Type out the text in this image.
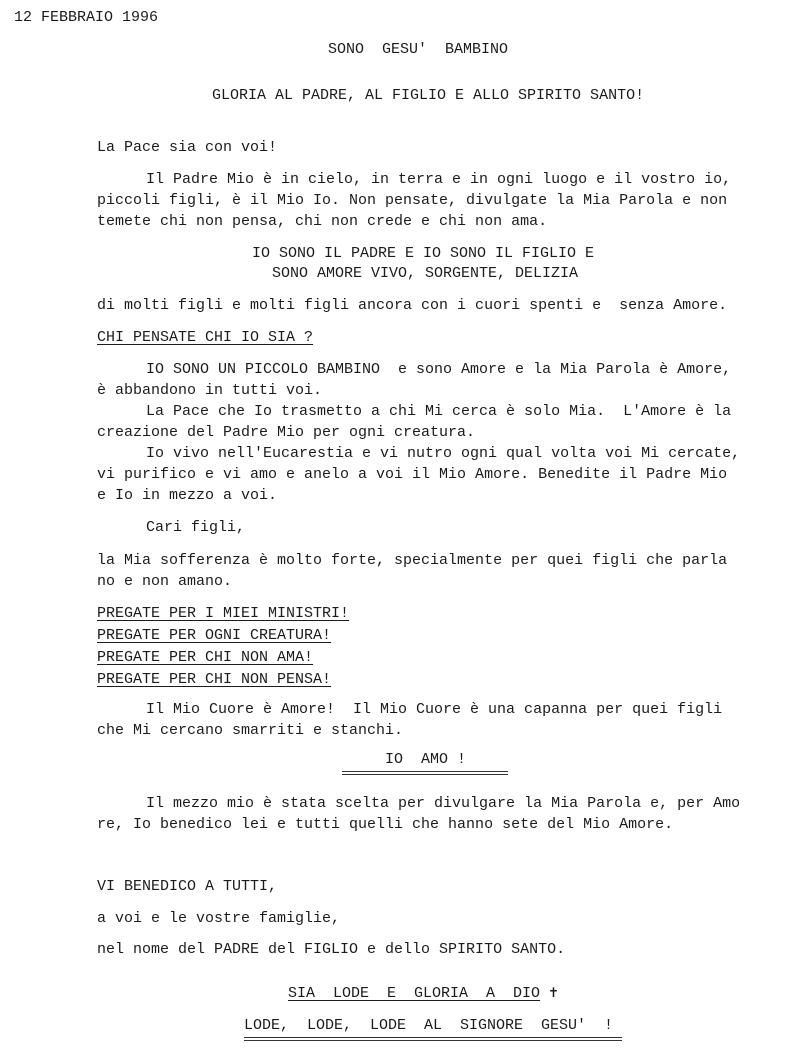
12 FEBBRAIO 1996
SONO  GESU'  BAMBINO
GLORIA AL PADRE, AL FIGLIO E ALLO SPIRITO SANTO!
La Pace sia con voi!
Il Padre Mio è in cielo, in terra e in ogni luogo e il vostro io,
piccoli figli, è il Mio Io. Non pensate, divulgate la Mia Parola e non
temete chi non pensa, chi non crede e chi non ama.
IO SONO IL PADRE E IO SONO IL FIGLIO E
SONO AMORE VIVO, SORGENTE, DELIZIA
di molti figli e molti figli ancora con i cuori spenti e  senza Amore.
CHI PENSATE CHI IO SIA ?
IO SONO UN PICCOLO BAMBINO  e sono Amore e la Mia Parola è Amore,
è abbandono in tutti voi.
La Pace che Io trasmetto a chi Mi cerca è solo Mia.  L'Amore è la
creazione del Padre Mio per ogni creatura.
Io vivo nell'Eucarestia e vi nutro ogni qual volta voi Mi cercate,
vi purifico e vi amo e anelo a voi il Mio Amore. Benedite il Padre Mio
e Io in mezzo a voi.
Cari figli,
la Mia sofferenza è molto forte, specialmente per quei figli che parla
no e non amano.
PREGATE PER I MIEI MINISTRI!
PREGATE PER OGNI CREATURA!
PREGATE PER CHI NON AMA!
PREGATE PER CHI NON PENSA!
Il Mio Cuore è Amore!  Il Mio Cuore è una capanna per quei figli
che Mi cercano smarriti e stanchi.
IO  AMO !
Il mezzo mio è stata scelta per divulgare la Mia Parola e, per Amo
re, Io benedico lei e tutti quelli che hanno sete del Mio Amore.
VI BENEDICO A TUTTI,
a voi e le vostre famiglie,
nel nome del PADRE del FIGLIO e dello SPIRITO SANTO.
SIA  LODE  E  GLORIA  A  DIO ✝
LODE,  LODE,  LODE  AL  SIGNORE  GESU'  !
